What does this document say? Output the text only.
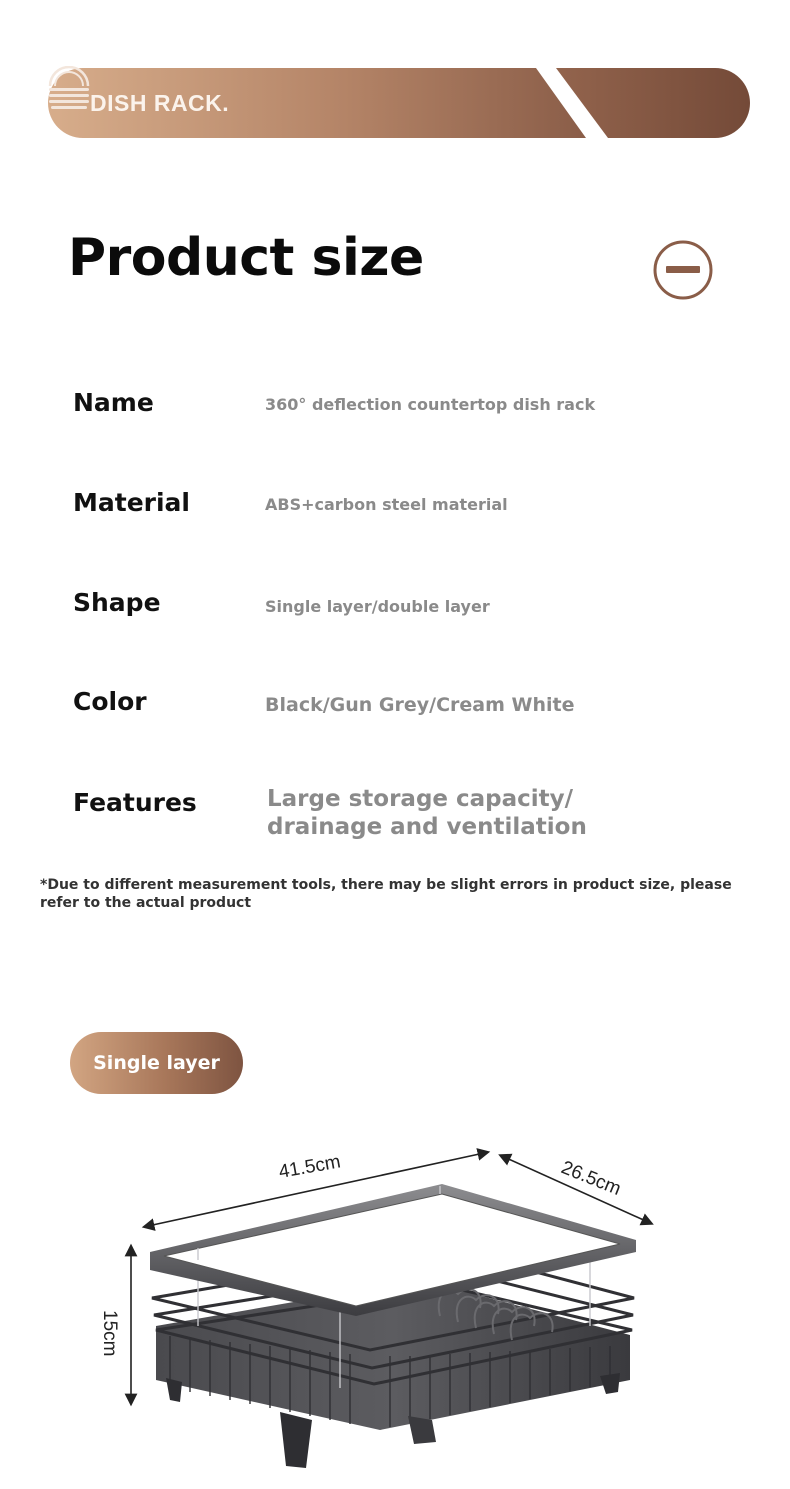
DISH RACK.
Product size
Name	360° deflection countertop dish rack
Material	ABS+carbon steel material
Shape	Single layer/double layer
Color	Black/Gun Grey/Cream White
Features	Large storage capacity/
drainage and ventilation
*Due to different measurement tools, there may be slight errors in product size, please refer to the actual product
Single layer
41.5cm	26.5cm
15cm
